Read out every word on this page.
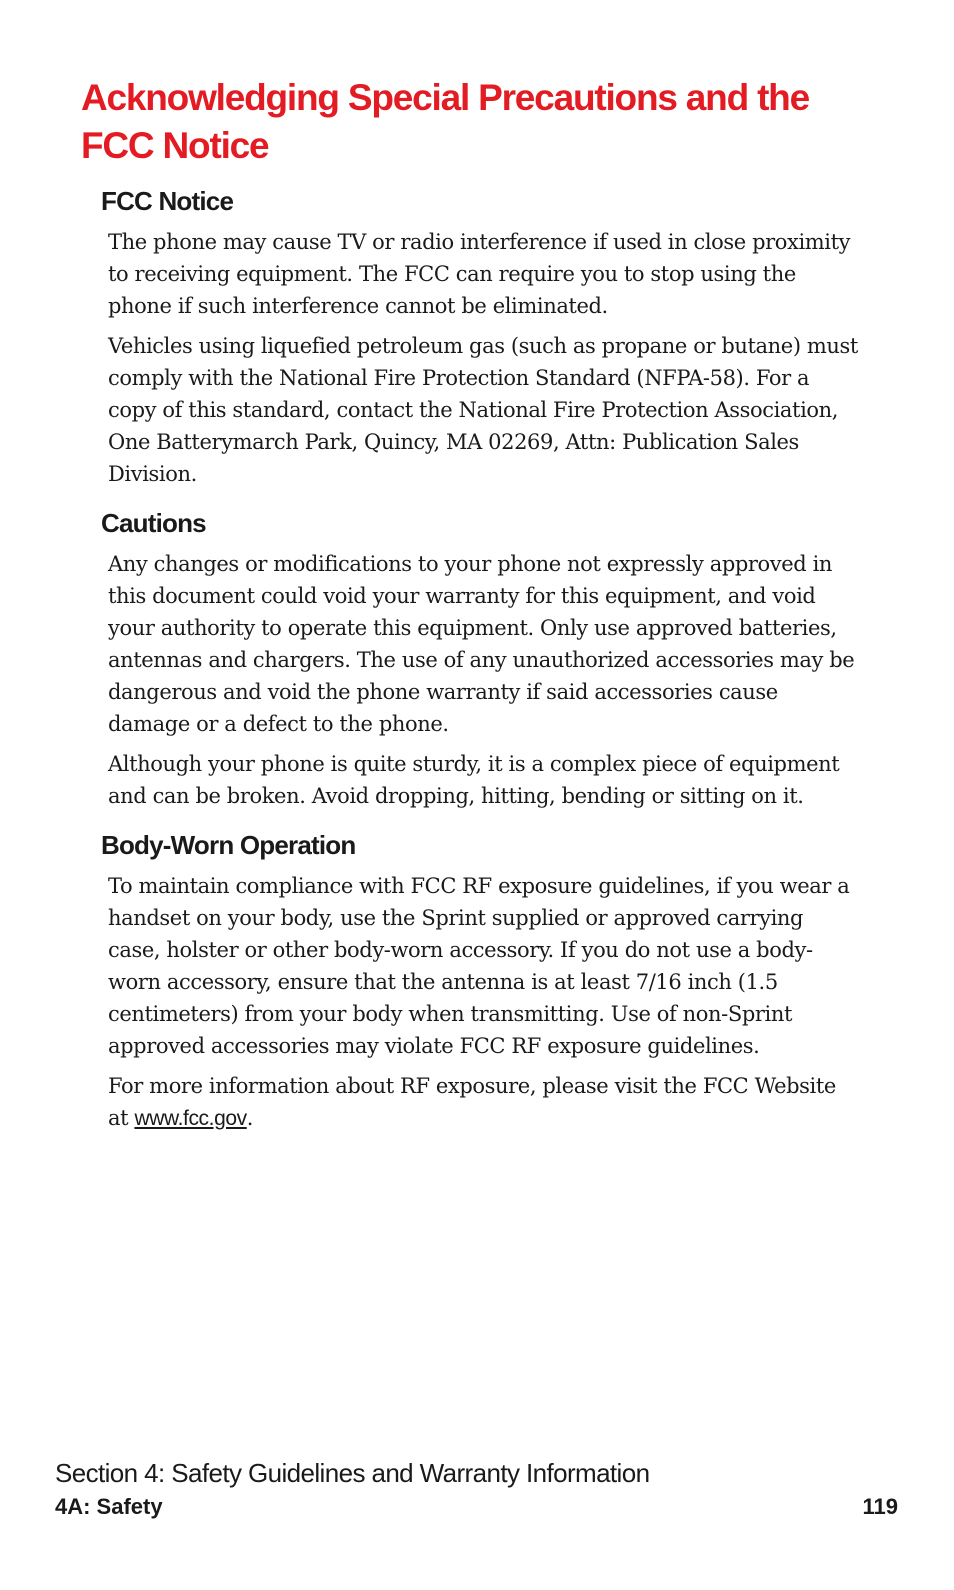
Acknowledging Special Precautions and the FCC Notice
FCC Notice

The phone may cause TV or radio interference if used in close proximity to receiving equipment. The FCC can require you to stop using the phone if such interference cannot be eliminated.

Vehicles using liquefied petroleum gas (such as propane or butane) must comply with the National Fire Protection Standard (NFPA-58). For a copy of this standard, contact the National Fire Protection Association, One Batterymarch Park, Quincy, MA 02269, Attn: Publication Sales Division.

Cautions

Any changes or modifications to your phone not expressly approved in this document could void your warranty for this equipment, and void your authority to operate this equipment. Only use approved batteries, antennas and chargers. The use of any unauthorized accessories may be dangerous and void the phone warranty if said accessories cause damage or a defect to the phone.

Although your phone is quite sturdy, it is a complex piece of equipment and can be broken. Avoid dropping, hitting, bending or sitting on it.

Body-Worn Operation

To maintain compliance with FCC RF exposure guidelines, if you wear a handset on your body, use the Sprint supplied or approved carrying case, holster or other body-worn accessory. If you do not use a body-worn accessory, ensure that the antenna is at least 7/16 inch (1.5 centimeters) from your body when transmitting. Use of non-Sprint approved accessories may violate FCC RF exposure guidelines.

For more information about RF exposure, please visit the FCC Website at www.fcc.gov.

Section 4: Safety Guidelines and Warranty Information
4A: Safety	119
